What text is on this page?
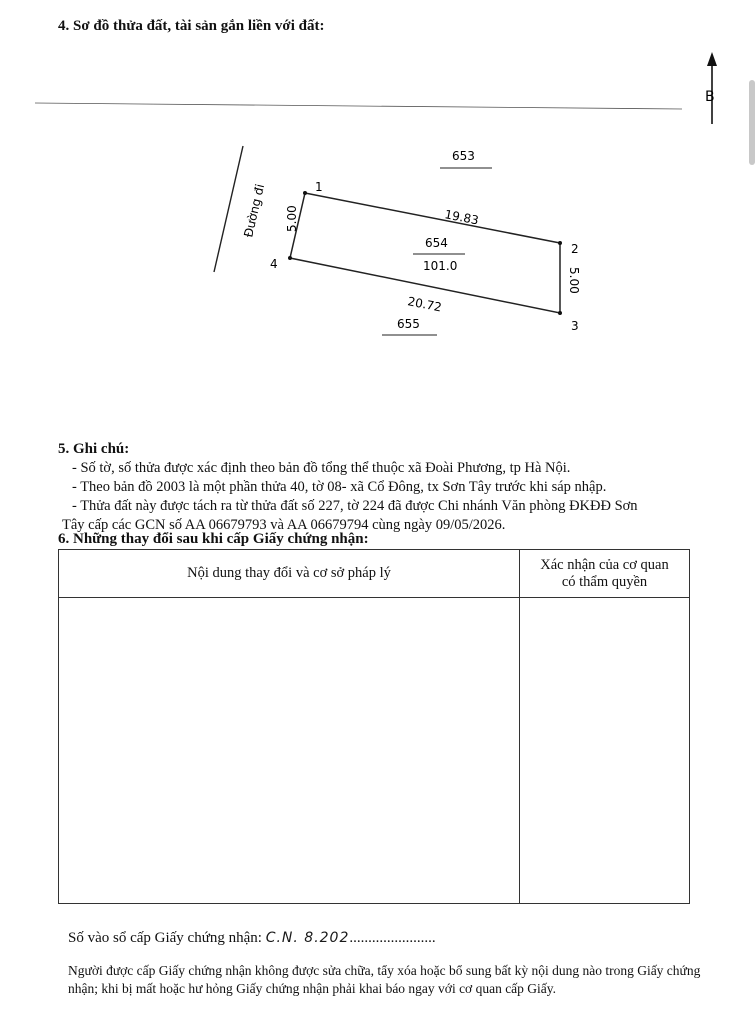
4. Sơ đồ thửa đất, tài sản gắn liền với đất:
B
Đường đi	1
2
3
4
19.83
5.00
20.72
5.00
653
654
101.0
655
5. Ghi chú:
- Số tờ, số thửa được xác định theo bản đồ tổng thể thuộc xã Đoài Phương, tp Hà Nội.
- Theo bản đồ 2003 là một phần thửa 40, tờ 08- xã Cổ Đông, tx Sơn Tây trước khi sáp nhập.
- Thửa đất này được tách ra từ thửa đất số 227, tờ 224 đã được Chi nhánh Văn phòng ĐKĐĐ Sơn
Tây cấp các GCN số AA 06679793 và AA 06679794 cùng ngày 09/05/2026.
6. Những thay đổi sau khi cấp Giấy chứng nhận:
Nội dung thay đổi và cơ sở pháp lý	Xác nhận của cơ quan
có thẩm quyền

Số vào sổ cấp Giấy chứng nhận: C.N. 8.202.......................
Người được cấp Giấy chứng nhận không được sửa chữa, tẩy xóa hoặc bổ sung bất kỳ nội dung nào trong Giấy chứng nhận; khi bị mất hoặc hư hỏng Giấy chứng nhận phải khai báo ngay với cơ quan cấp Giấy.
